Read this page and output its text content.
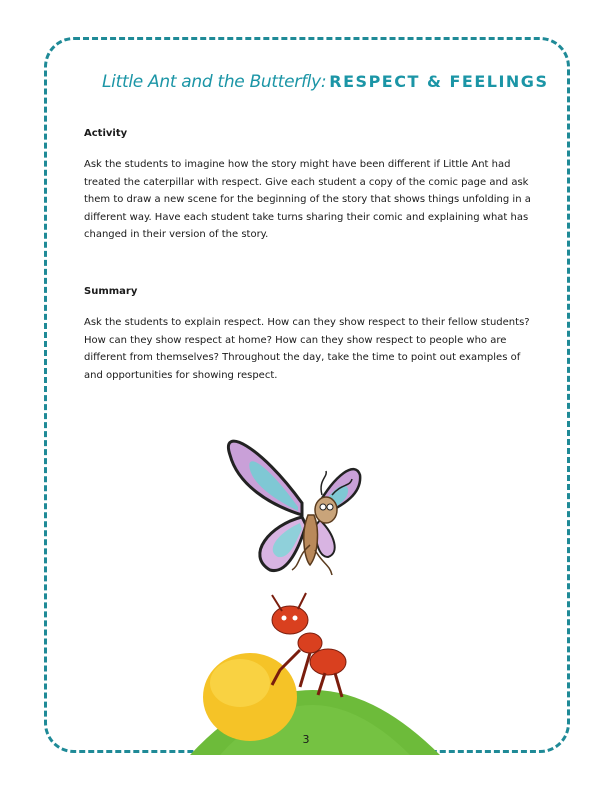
Little Ant and the Butterfly: RESPECT & FEELINGS
Activity
Ask the students to imagine how the story might have been different if Little Ant had treated the caterpillar with respect. Give each student a copy of the comic page and ask them to draw a new scene for the beginning of the story that shows things unfolding in a different way. Have each student take turns sharing their comic and explaining what has changed in their version of the story.
Summary
Ask the students to explain respect. How can they show respect to their fellow students? How can they show respect at home? How can they show respect to people who are different from themselves? Throughout the day, take the time to point out examples of and opportunities for showing respect.
3
